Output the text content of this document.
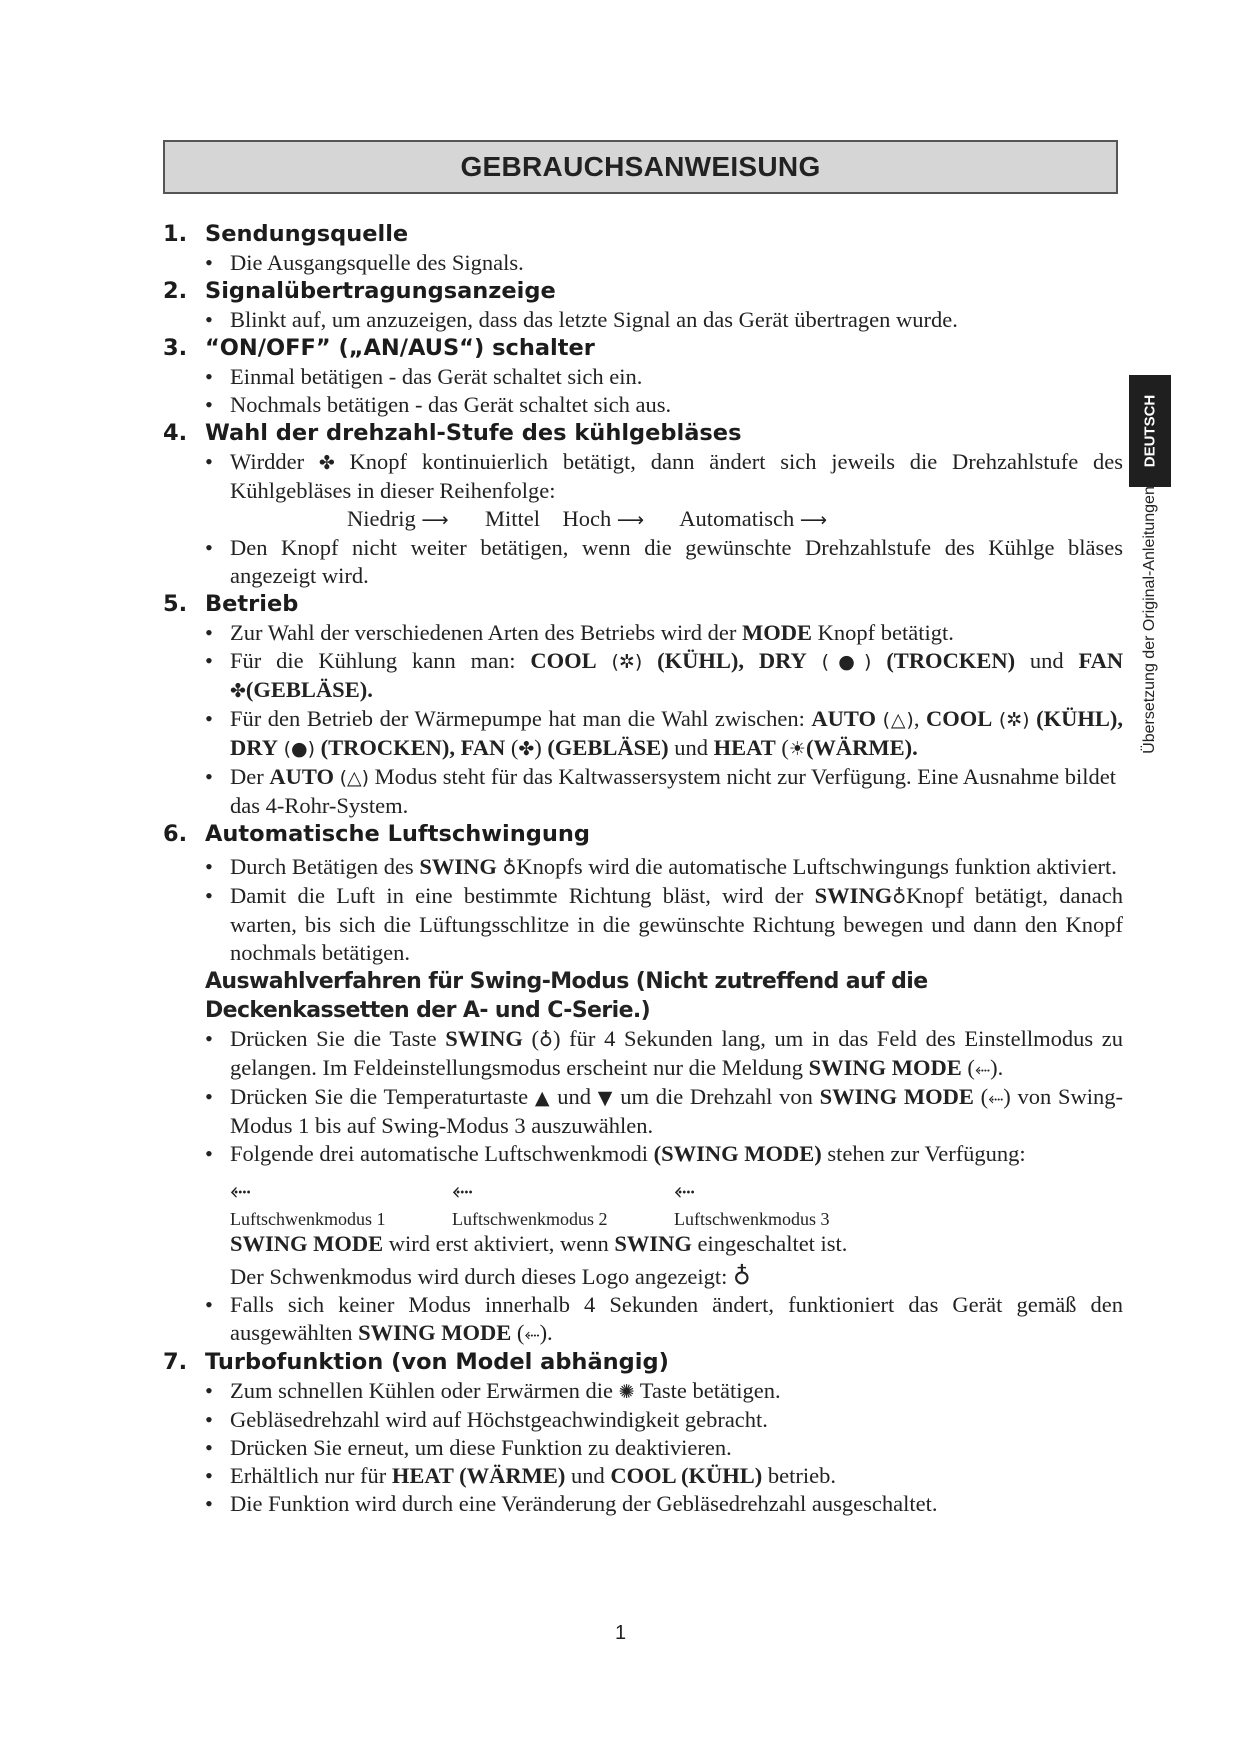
GEBRAUCHSANWEISUNG
DEUTSCH
Übersetzung der Original-Anleitungen
1. Sendungsquelle
• Die Ausgangsquelle des Signals.
2. Signalübertragungsanzeige
• Blinkt auf, um anzuzeigen, dass das letzte Signal an das Gerät übertragen wurde.
3. “ON/OFF” („AN/AUS“) schalter
• Einmal betätigen - das Gerät schaltet sich ein.
• Nochmals betätigen - das Gerät schaltet sich aus.
4. Wahl der drehzahl-Stufe des kühlgebläses
• Wirdder ✤ Knopf kontinuierlich betätigt, dann ändert sich jeweils die Drehzahlstufe des Kühlgebläses in dieser Reihenfolge:
Niedrig ⟶ Mittel Hoch ⟶ Automatisch ⟶
• Den Knopf nicht weiter betätigen, wenn die gewünschte Drehzahlstufe des Kühlge bläses angezeigt wird.
5. Betrieb
• Zur Wahl der verschiedenen Arten des Betriebs wird der MODE Knopf betätigt.
• Für die Kühlung kann man: COOL (✲) (KÜHL), DRY (●) (TROCKEN) und FAN ✤(GEBLÄSE).
• Für den Betrieb der Wärmepumpe hat man die Wahl zwischen: AUTO (△), COOL (✲) (KÜHL), DRY (●) (TROCKEN), FAN (✤) (GEBLÄSE) und HEAT (☀(WÄRME).
• Der AUTO (△) Modus steht für das Kaltwassersystem nicht zur Verfügung. Eine Ausnahme bildet das 4-Rohr-System.
6. Automatische Luftschwingung
• Durch Betätigen des SWING ♁Knopfs wird die automatische Luftschwingungs funktion aktiviert.
• Damit die Luft in eine bestimmte Richtung bläst, wird der SWING♁Knopf betätigt, danach warten, bis sich die Lüftungsschlitze in die gewünschte Richtung bewegen und dann den Knopf nochmals betätigen.
Auswahlverfahren für Swing-Modus (Nicht zutreffend auf die Deckenkassetten der A- und C-Serie.)
• Drücken Sie die Taste SWING (♁) für 4 Sekunden lang, um in das Feld des Einstellmodus zu gelangen. Im Feldeinstellungsmodus erscheint nur die Meldung SWING MODE (⬸).
• Drücken Sie die Temperaturtaste ▲ und ▼ um die Drehzahl von SWING MODE (⬸) von Swing-Modus 1 bis auf Swing-Modus 3 auszuwählen.
• Folgende drei automatische Luftschwenkmodi (SWING MODE) stehen zur Verfügung:
⬸
Luftschwenkmodus 1
⬸
Luftschwenkmodus 2
⬸
Luftschwenkmodus 3
SWING MODE wird erst aktiviert, wenn SWING eingeschaltet ist.
Der Schwenkmodus wird durch dieses Logo angezeigt: ♁
• Falls sich keiner Modus innerhalb 4 Sekunden ändert, funktioniert das Gerät gemäß den ausgewählten SWING MODE (⬸).
7. Turbofunktion (von Model abhängig)
• Zum schnellen Kühlen oder Erwärmen die ✺ Taste betätigen.
• Gebläsedrehzahl wird auf Höchstgeachwindigkeit gebracht.
• Drücken Sie erneut, um diese Funktion zu deaktivieren.
• Erhältlich nur für HEAT (WÄRME) und COOL (KÜHL) betrieb.
• Die Funktion wird durch eine Veränderung der Gebläsedrehzahl ausgeschaltet.
1
